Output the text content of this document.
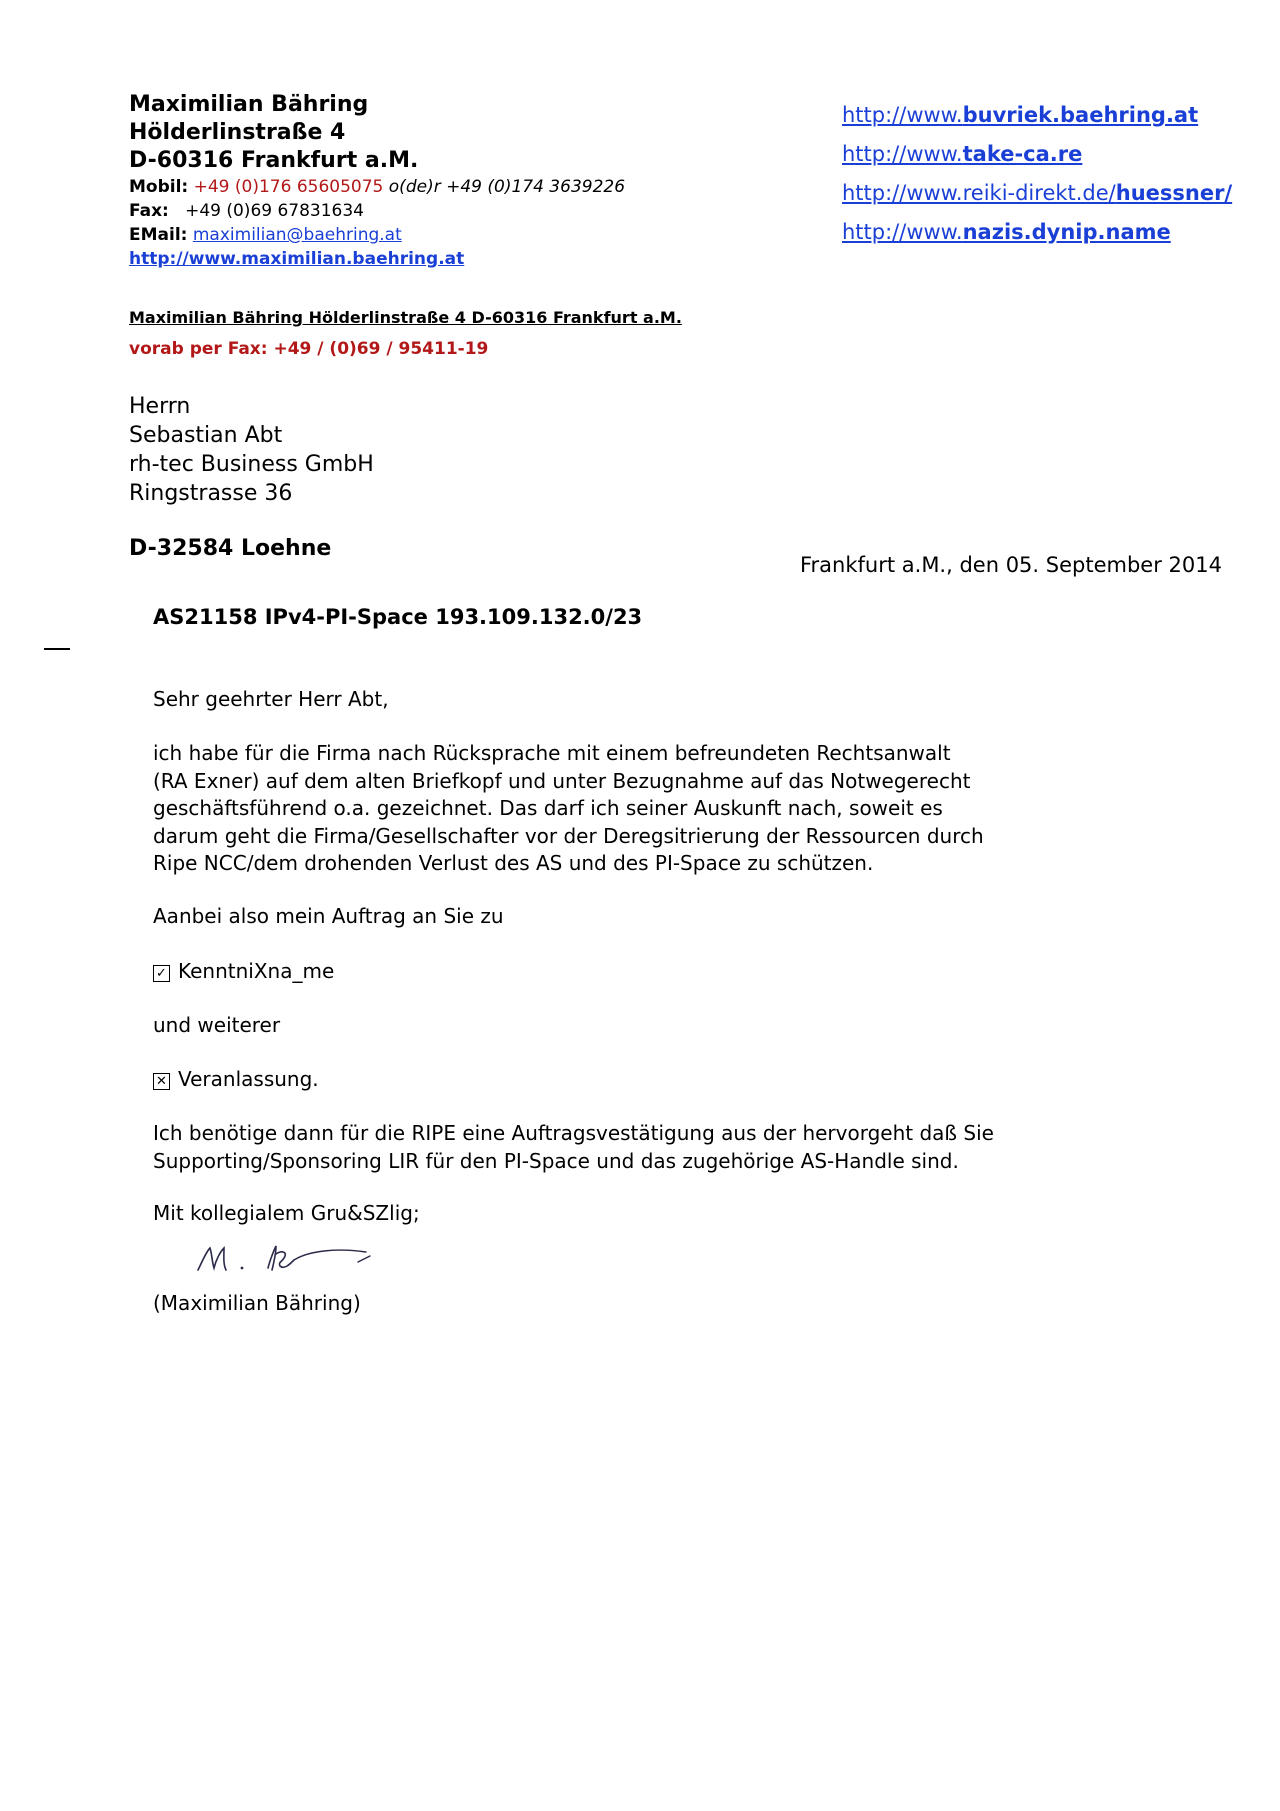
Maximilian Bähring
Hölderlinstraße 4
D-60316 Frankfurt a.M.
Mobil: +49 (0)176 65605075 o(de)r +49 (0)174 3639226
Fax: +49 (0)69 67831634
EMail: maximilian@baehring.at
http://www.maximilian.baehring.at
http://www.buvriek.baehring.at
http://www.take-ca.re
http://www.reiki-direkt.de/huessner/
http://www.nazis.dynip.name
Maximilian Bähring Hölderlinstraße 4 D-60316 Frankfurt a.M.
vorab per Fax: +49 / (0)69 / 95411-19
Herrn
Sebastian Abt
rh-tec Business GmbH
Ringstrasse 36
D-32584 Loehne
Frankfurt a.M., den 05. September 2014
AS21158 IPv4-PI-Space 193.109.132.0/23
Sehr geehrter Herr Abt,
ich habe für die Firma nach Rücksprache mit einem befreundeten Rechtsanwalt
(RA Exner) auf dem alten Briefkopf und unter Bezugnahme auf das Notwegerecht
geschäftsführend o.a. gezeichnet. Das darf ich seiner Auskunft nach, soweit es
darum geht die Firma/Gesellschafter vor der Deregsitrierung der Ressourcen durch
Ripe NCC/dem drohenden Verlust des AS und des PI-Space zu schützen.
Aanbei also mein Auftrag an Sie zu
✓ KenntniXna_me
und weiterer
✕ Veranlassung.
Ich benötige dann für die RIPE eine Auftragsvestätigung aus der hervorgeht daß Sie
Supporting/Sponsoring LIR für den PI-Space und das zugehörige AS-Handle sind.
Mit kollegialem Gru&SZlig;
(Maximilian Bähring)
